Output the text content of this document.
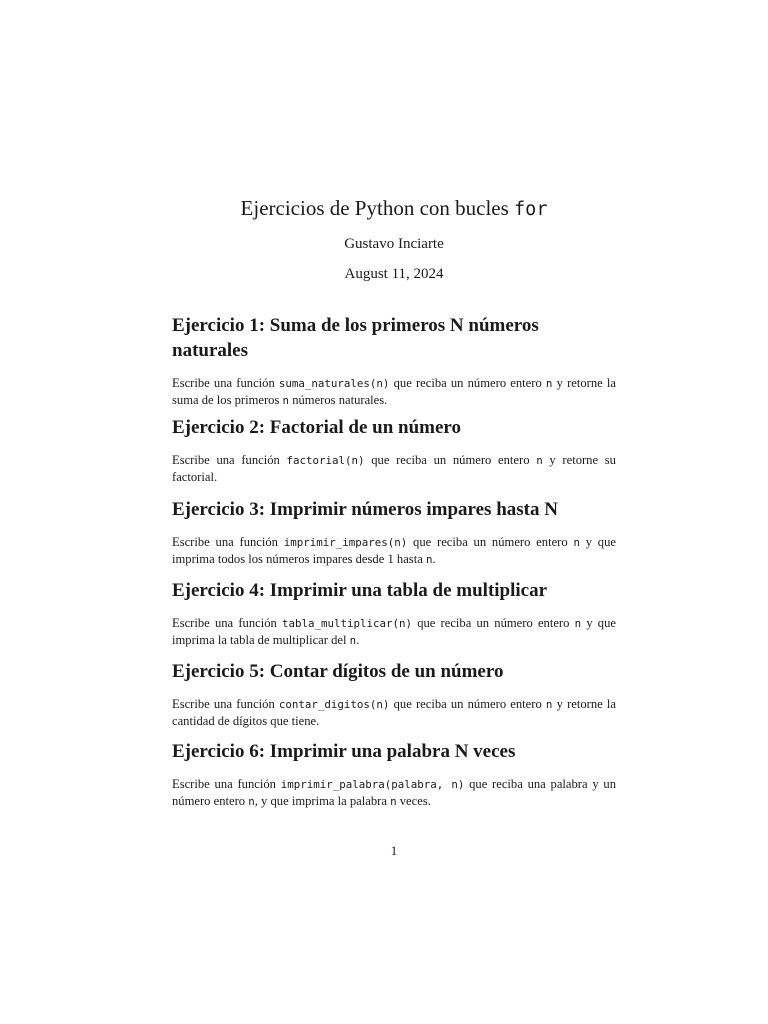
Ejercicios de Python con bucles for
Gustavo Inciarte
August 11, 2024
Ejercicio 1: Suma de los primeros N números naturales

Escribe una función suma_naturales(n) que reciba un número entero n y retorne la suma de los primeros n números naturales.

Ejercicio 2: Factorial de un número

Escribe una función factorial(n) que reciba un número entero n y retorne su factorial.

Ejercicio 3: Imprimir números impares hasta N

Escribe una función imprimir_impares(n) que reciba un número entero n y que imprima todos los números impares desde 1 hasta n.

Ejercicio 4: Imprimir una tabla de multiplicar

Escribe una función tabla_multiplicar(n) que reciba un número entero n y que imprima la tabla de multiplicar del n.

Ejercicio 5: Contar dígitos de un número

Escribe una función contar_digitos(n) que reciba un número entero n y retorne la cantidad de dígitos que tiene.

Ejercicio 6: Imprimir una palabra N veces

Escribe una función imprimir_palabra(palabra, n) que reciba una palabra y un número entero n, y que imprima la palabra n veces.

1
